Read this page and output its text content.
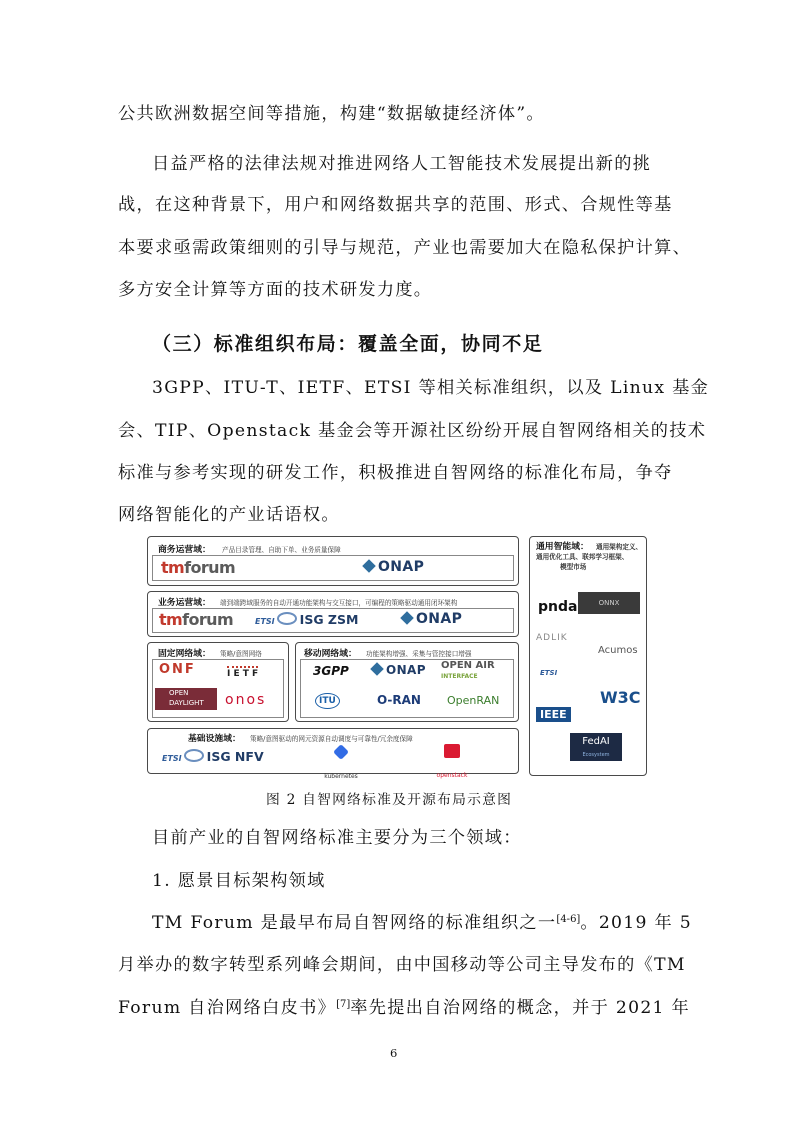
公共欧洲数据空间等措施，构建“数据敏捷经济体”。
日益严格的法律法规对推进网络人工智能技术发展提出新的挑
战，在这种背景下，用户和网络数据共享的范围、形式、合规性等基
本要求亟需政策细则的引导与规范，产业也需要加大在隐私保护计算、
多方安全计算等方面的技术研发力度。
（三）标准组织布局：覆盖全面，协同不足
3GPP、ITU-T、IETF、ETSI 等相关标准组织，以及 Linux 基金
会、TIP、Openstack 基金会等开源社区纷纷开展自智网络相关的技术
标准与参考实现的研发工作，积极推进自智网络的标准化布局，争夺
网络智能化的产业话语权。
商务运营域： 产品目录管理、自助下单、业务质量保障
tmforum	ONAP
业务运营域： 端到端跨域服务的自动开通功能架构与交互接口，可编程的策略驱动通用闭环架构
tmforum	ETSI ISG ZSM	ONAP
固定网络域： 策略/意图网络
ONF	I E T F
OPEN
DAYLIGHT	onos
移动网络域： 功能架构增强、采集与管控接口增强
3GPP	ONAP OPEN AIR
INTERFACE
ITU	O-RAN OpenRAN
基础设施域： 策略/意图驱动的网元资源自动调度与可靠性/冗余度保障
ETSI ISG NFV

kubernetes	openstack
通用智能域： 通用架构定义、
通用优化工具、联邦学习框架、
模型市场
pnda	ONNX
ADLIK
Acumos
ETSI
IEEE
W3C
FedAI
Ecosystem
图 2 自智网络标准及开源布局示意图
目前产业的自智网络标准主要分为三个领域：
1. 愿景目标架构领域
TM Forum 是最早布局自智网络的标准组织之一[4-6]。2019 年 5
月举办的数字转型系列峰会期间，由中国移动等公司主导发布的《TM
Forum 自治网络白皮书》[7]率先提出自治网络的概念，并于 2021 年
6
